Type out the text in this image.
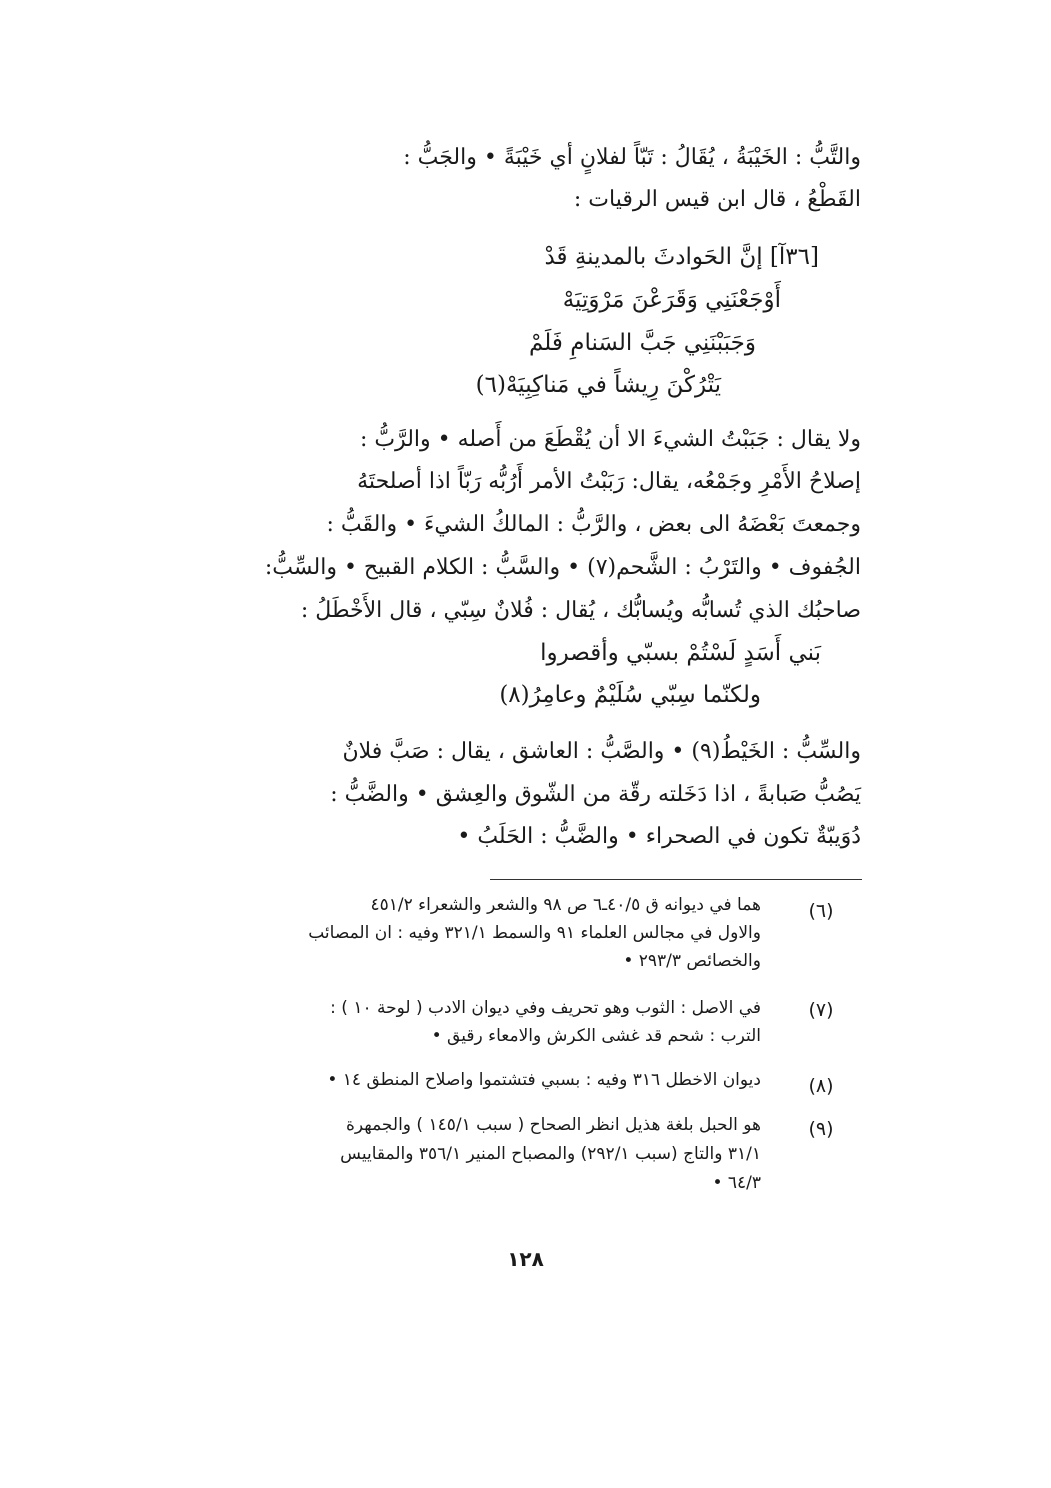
والتَّبُّ : الخَيْبَةُ ، يُقَالُ : تَبّاً لفلانٍ أي خَيْبَةً • والجَبُّ :
القَطْعُ ، قال ابن قيس الرقيات :
[٣٦آ] إنَّ الحَوادثَ بالمدينةِ قَدْ
أَوْجَعْنَنِي وَقَرَعْنَ مَرْوَتِيَهْ
وَجَبَبْنَنِي جَبَّ السَنامِ فَلَمْ
يَتْرُكْنَ رِيشاً في مَناكِبِيَهْ(٦)
ولا يقال : جَبَبْتُ الشيءَ الا أن يُقْطَعَ من أَصله • والرَّبُّ :
إصلاحُ الأَمْرِ وجَمْعُه، يقال: رَبَبْتُ الأمر أَرُبُّه رَبّاً اذا أصلحتَهُ
وجمعتَ بَعْضَهُ الى بعض ، والرَّبُّ : المالكُ الشيءَ • والقَبُّ :
الجُفوف • والتَرْبُ : الشَّحم(٧) • والسَّبُّ : الكلام القبيح • والسِّبُّ:
صاحبُك الذي تُسابُّه ويُسابُّك ، يُقال : فُلانٌ سِبّي ، قال الأَخْطَلُ :
بَني أَسَدٍ لَسْتُمْ بسبّي وأقصروا
ولكنّما سِبّي سُلَيْمٌ وعامِرُ(٨)
والسِّبُّ : الخَيْطُ(٩) • والصَّبُّ : العاشق ، يقال : صَبَّ فلانٌ
يَصُبُّ صَبابةً ، اذا دَخَلته رقّة من الشّوق والعِشق • والضَّبُّ :
دُوَيبّةٌ تكون في الصحراء • والضَّبُّ : الحَلَبُ •
(٦)
هما في ديوانه ق ٤٠/٥ـ٦ ص ٩٨ والشعر والشعراء ٤٥١/٢
والاول في مجالس العلماء ٩١ والسمط ٣٢١/١ وفيه : ان المصائب
والخصائص ٢٩٣/٣ •
(٧)
في الاصل : الثوب وهو تحريف وفي ديوان الادب ( لوحة ١٠ ) :
الترب : شحم قد غشى الكرش والامعاء رقيق •
(٨)
ديوان الاخطل ٣١٦ وفيه : بسبي فتشتموا واصلاح المنطق ١٤ •
(٩)
هو الحبل بلغة هذيل انظر الصحاح ( سبب ١٤٥/١ ) والجمهرة
٣١/١ والتاج (سبب ٢٩٢/١) والمصباح المنير ٣٥٦/١ والمقاييس
٦٤/٣ •
١٢٨
